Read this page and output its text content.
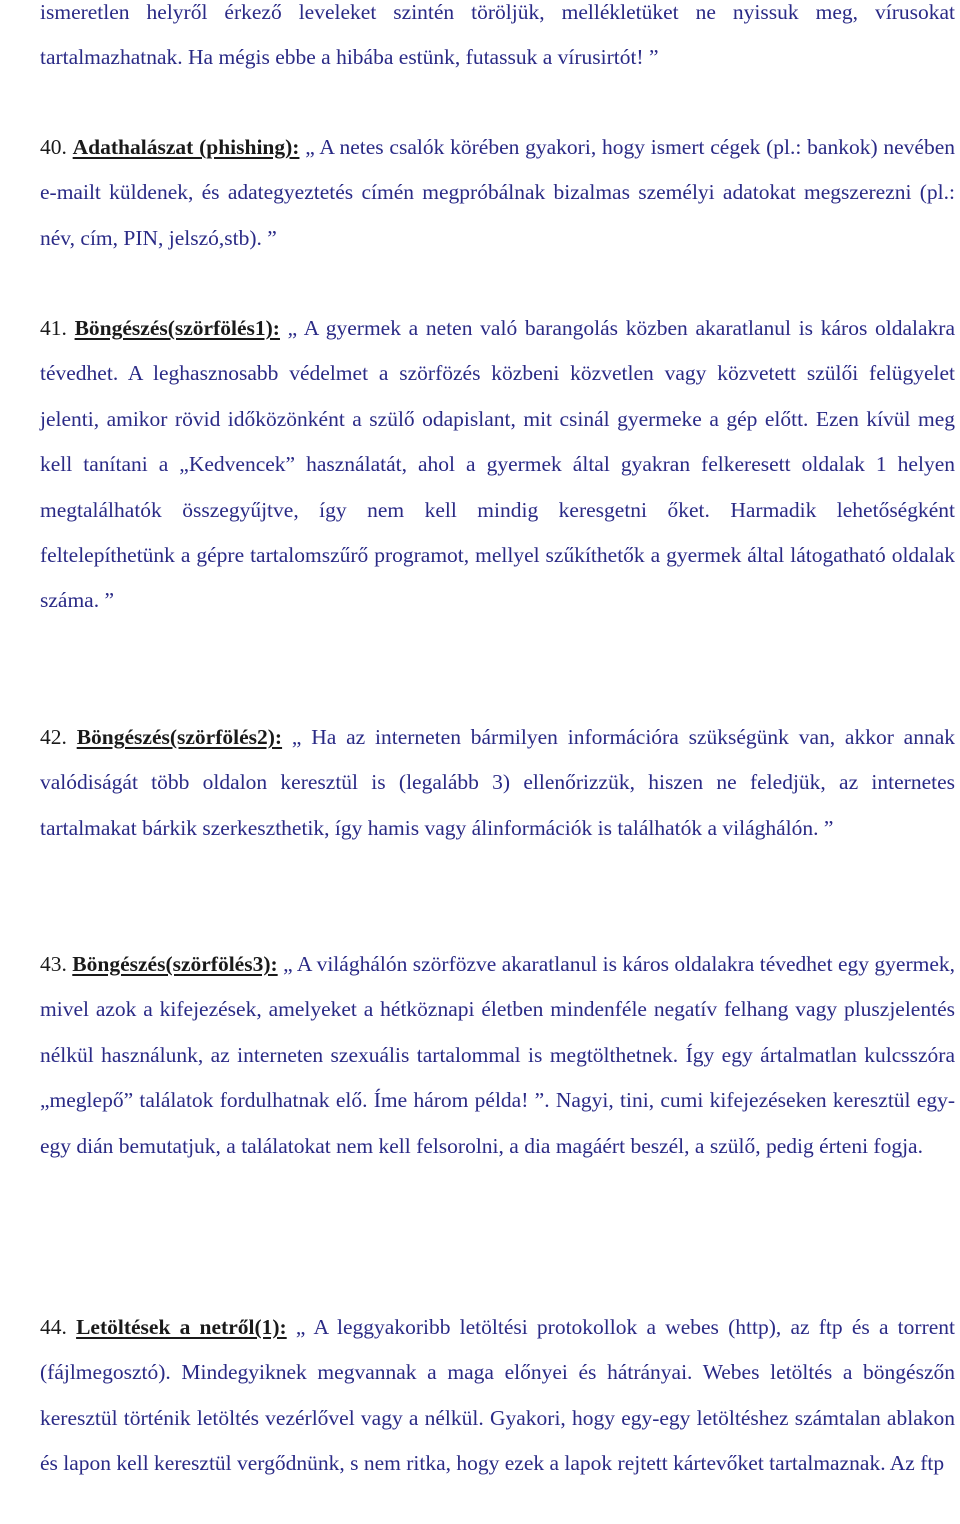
ismeretlen helyről érkező leveleket szintén töröljük, mellékletüket ne nyissuk meg, vírusokat tartalmazhatnak. Ha mégis ebbe a hibába estünk, futassuk a vírusirtót! ”

40. Adathalászat (phishing): „ A netes csalók körében gyakori, hogy ismert cégek (pl.: bankok) nevében e-mailt küldenek, és adategyeztetés címén megpróbálnak bizalmas személyi adatokat megszerezni (pl.: név, cím, PIN, jelszó,stb). ”

41. Böngészés(szörfölés1): „ A gyermek a neten való barangolás közben akaratlanul is káros oldalakra tévedhet. A leghasznosabb védelmet a szörfözés közbeni közvetlen vagy közvetett szülői felügyelet jelenti, amikor rövid időközönként a szülő odapislant, mit csinál gyermeke a gép előtt. Ezen kívül meg kell tanítani a „Kedvencek” használatát, ahol a gyermek által gyakran felkeresett oldalak 1 helyen megtalálhatók összegyűjtve, így nem kell mindig keresgetni őket. Harmadik lehetőségként feltelepíthetünk a gépre tartalomszűrő programot, mellyel szűkíthetők a gyermek által látogatható oldalak száma. ”

42. Böngészés(szörfölés2): „ Ha az interneten bármilyen információra szükségünk van, akkor annak valódiságát több oldalon keresztül is (legalább 3) ellenőrizzük, hiszen ne feledjük, az internetes tartalmakat bárkik szerkeszthetik, így hamis vagy álinformációk is találhatók a világhálón. ”

43. Böngészés(szörfölés3): „ A világhálón szörfözve akaratlanul is káros oldalakra tévedhet egy gyermek, mivel azok a kifejezések, amelyeket a hétköznapi életben mindenféle negatív felhang vagy pluszjelentés nélkül használunk, az interneten szexuális tartalommal is megtölthetnek. Így egy ártalmatlan kulcsszóra „meglepő” találatok fordulhatnak elő. Íme három példa! ”. Nagyi, tini, cumi kifejezéseken keresztül egy-egy dián bemutatjuk, a találatokat nem kell felsorolni, a dia magáért beszél, a szülő, pedig érteni fogja.

44. Letöltések a netről(1): „ A leggyakoribb letöltési protokollok a webes (http), az ftp és a torrent (fájlmegosztó). Mindegyiknek megvannak a maga előnyei és hátrányai. Webes letöltés a böngészőn keresztül történik letöltés vezérlővel vagy a nélkül. Gyakori, hogy egy-egy letöltéshez számtalan ablakon és lapon kell keresztül vergődnünk, s nem ritka, hogy ezek a lapok rejtett kártevőket tartalmaznak. Az ftp
